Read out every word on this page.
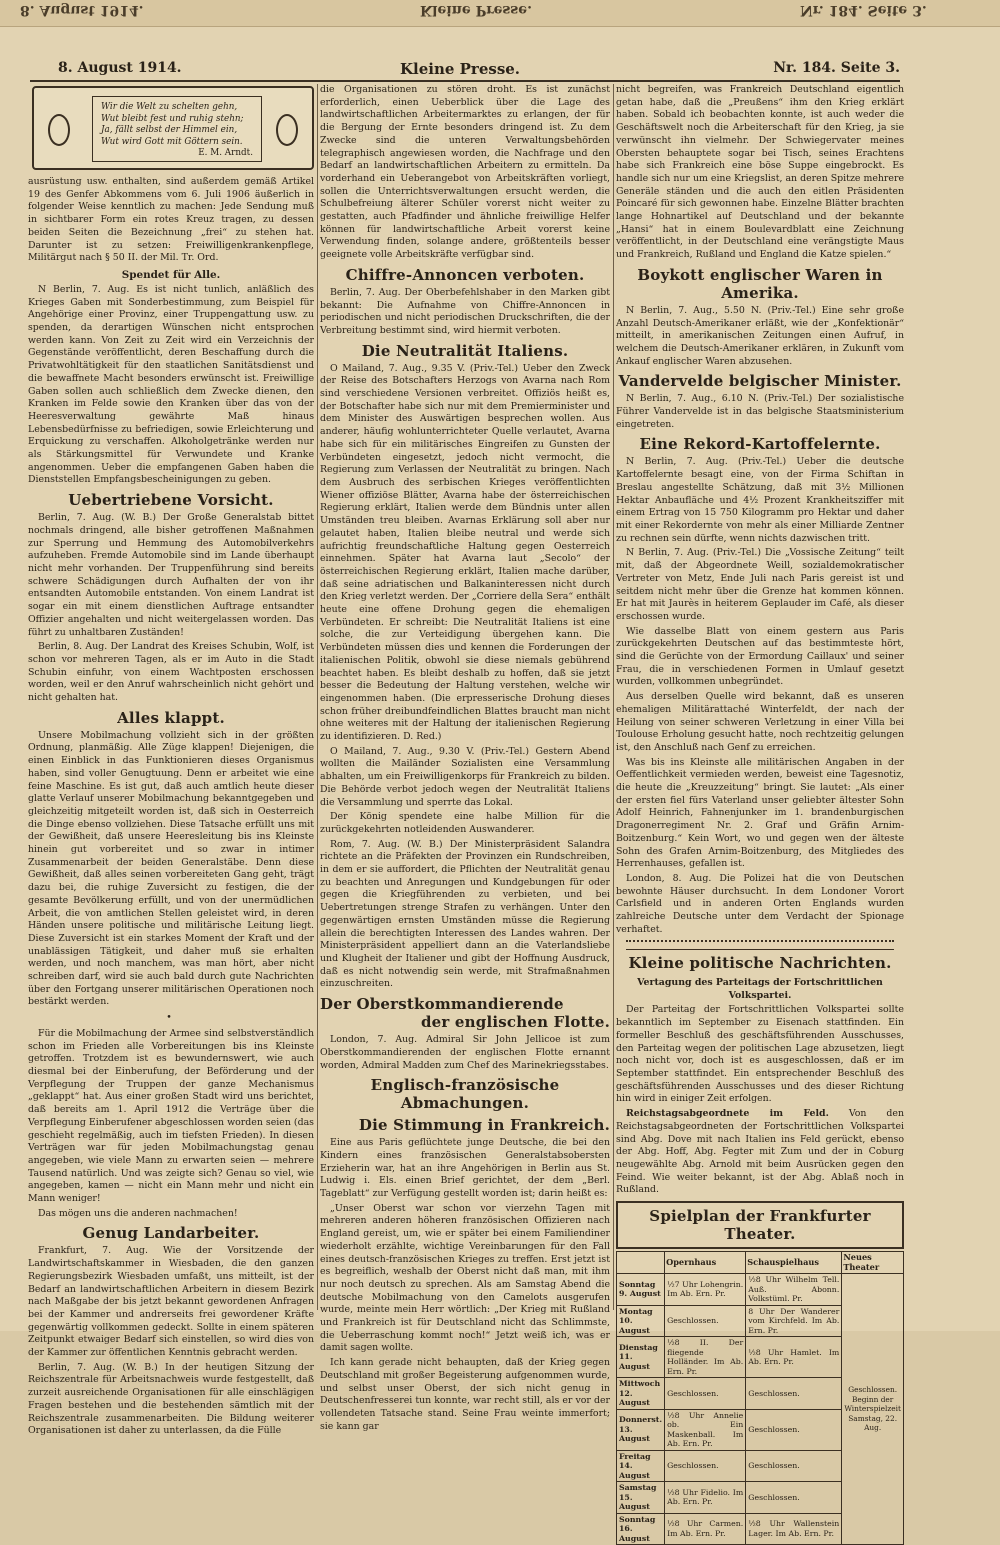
8. August 1914.	Kleine Presse.	Nr. 184. Seite 3.
8. August 1914.	Kleine Presse.	Nr. 184. Seite 3.
Wir die Welt zu schelten gehn,
Wut bleibt fest und ruhig stehn;
Ja, fällt selbst der Himmel ein,
Wut wird Gott mit Göttern sein.
E. M. Arndt.

ausrüstung usw. enthalten, sind außerdem gemäß Artikel 19 des Genfer Abkommens vom 6. Juli 1906 äußerlich in folgender Weise kenntlich zu machen: Jede Sendung muß in sichtbarer Form ein rotes Kreuz tragen, zu dessen beiden Seiten die Bezeichnung „frei“ zu stehen hat. Darunter ist zu setzen: Freiwilligenkrankenpflege, Militärgut nach § 50 II. der Mil. Tr. Ord.

Spendet für Alle.

N Berlin, 7. Aug. Es ist nicht tunlich, anläßlich des Krieges Gaben mit Sonderbestimmung, zum Beispiel für Angehörige einer Provinz, einer Truppengattung usw. zu spenden, da derartigen Wünschen nicht entsprochen werden kann. Von Zeit zu Zeit wird ein Verzeichnis der Gegenstände veröffentlicht, deren Beschaffung durch die Privatwohltätigkeit für den staatlichen Sanitätsdienst und die bewaffnete Macht besonders erwünscht ist. Freiwillige Gaben sollen auch schließlich dem Zwecke dienen, den Kranken im Felde sowie den Kranken über das von der Heeresverwaltung gewährte Maß hinaus Lebensbedürfnisse zu befriedigen, sowie Erleichterung und Erquickung zu verschaffen. Alkoholgetränke werden nur als Stärkungsmittel für Verwundete und Kranke angenommen. Ueber die empfangenen Gaben haben die Dienststellen Empfangsbescheinigungen zu geben.

Uebertriebene Vorsicht.

Berlin, 7. Aug. (W. B.) Der Große Generalstab bittet nochmals dringend, alle bisher getroffenen Maßnahmen zur Sperrung und Hemmung des Automobilverkehrs aufzuheben. Fremde Automobile sind im Lande überhaupt nicht mehr vorhanden. Der Truppenführung sind bereits schwere Schädigungen durch Aufhalten der von ihr entsandten Automobile entstanden. Von einem Landrat ist sogar ein mit einem dienstlichen Auftrage entsandter Offizier angehalten und nicht weitergelassen worden. Das führt zu unhaltbaren Zuständen!

Berlin, 8. Aug. Der Landrat des Kreises Schubin, Wolf, ist schon vor mehreren Tagen, als er im Auto in die Stadt Schubin einfuhr, von einem Wachtposten erschossen worden, weil er den Anruf wahrscheinlich nicht gehört und nicht gehalten hat.

Alles klappt.

Unsere Mobilmachung vollzieht sich in der größten Ordnung, planmäßig. Alle Züge klappen! Diejenigen, die einen Einblick in das Funktionieren dieses Organismus haben, sind voller Genugtuung. Denn er arbeitet wie eine feine Maschine. Es ist gut, daß auch amtlich heute dieser glatte Verlauf unserer Mobilmachung bekanntgegeben und gleichzeitig mitgeteilt worden ist, daß sich in Oesterreich die Dinge ebenso vollziehen. Diese Tatsache erfüllt uns mit der Gewißheit, daß unsere Heeresleitung bis ins Kleinste hinein gut vorbereitet und so zwar in intimer Zusammenarbeit der beiden Generalstäbe. Denn diese Gewißheit, daß alles seinen vorbereiteten Gang geht, trägt dazu bei, die ruhige Zuversicht zu festigen, die der gesamte Bevölkerung erfüllt, und von der unermüdlichen Arbeit, die von amtlichen Stellen geleistet wird, in deren Händen unsere politische und militärische Leitung liegt. Diese Zuversicht ist ein starkes Moment der Kraft und der unablässigen Tätigkeit, und daher muß sie erhalten werden, und noch manchem, was man hört, aber nicht schreiben darf, wird sie auch bald durch gute Nachrichten über den Fortgang unserer militärischen Operationen noch bestärkt werden.

•

Für die Mobilmachung der Armee sind selbstverständlich schon im Frieden alle Vorbereitungen bis ins Kleinste getroffen. Trotzdem ist es bewundernswert, wie auch diesmal bei der Einberufung, der Beförderung und der Verpflegung der Truppen der ganze Mechanismus „geklappt“ hat. Aus einer großen Stadt wird uns berichtet, daß bereits am 1. April 1912 die Verträge über die Verpflegung Einberufener abgeschlossen worden seien (das geschieht regelmäßig, auch im tiefsten Frieden). In diesen Verträgen war für jeden Mobilmachungstag genau angegeben, wie viele Mann zu erwarten seien — mehrere Tausend natürlich. Und was zeigte sich? Genau so viel, wie angegeben, kamen — nicht ein Mann mehr und nicht ein Mann weniger!

Das mögen uns die anderen nachmachen!

Genug Landarbeiter.

Frankfurt, 7. Aug. Wie der Vorsitzende der Landwirtschaftskammer in Wiesbaden, die den ganzen Regierungsbezirk Wiesbaden umfaßt, uns mitteilt, ist der Bedarf an landwirtschaftlichen Arbeitern in diesem Bezirk nach Maßgabe der bis jetzt bekannt gewordenen Anfragen bei der Kammer und andrerseits frei gewordener Kräfte gegenwärtig vollkommen gedeckt. Sollte in einem späteren Zeitpunkt etwaiger Bedarf sich einstellen, so wird dies von der Kammer zur öffentlichen Kenntnis gebracht werden.

Berlin, 7. Aug. (W. B.) In der heutigen Sitzung der Reichszentrale für Arbeitsnachweis wurde festgestellt, daß zurzeit ausreichende Organisationen für alle einschlägigen Fragen bestehen und die bestehenden sämtlich mit der Reichszentrale zusammenarbeiten. Die Bildung weiterer Organisationen ist daher zu unterlassen, da die Fülle

die Organisationen zu stören droht. Es ist zunächst erforderlich, einen Ueberblick über die Lage des landwirtschaftlichen Arbeitermarktes zu erlangen, der für die Bergung der Ernte besonders dringend ist. Zu dem Zwecke sind die unteren Verwaltungsbehörden telegraphisch angewiesen worden, die Nachfrage und den Bedarf an landwirtschaftlichen Arbeitern zu ermitteln. Da vorderhand ein Ueberangebot von Arbeitskräften vorliegt, sollen die Unterrichtsverwaltungen ersucht werden, die Schulbefreiung älterer Schüler vorerst nicht weiter zu gestatten, auch Pfadfinder und ähnliche freiwillige Helfer können für landwirtschaftliche Arbeit vorerst keine Verwendung finden, solange andere, größtenteils besser geeignete volle Arbeitskräfte verfügbar sind.

Chiffre-Annoncen verboten.

Berlin, 7. Aug. Der Oberbefehlshaber in den Marken gibt bekannt: Die Aufnahme von Chiffre-Annoncen in periodischen und nicht periodischen Druckschriften, die der Verbreitung bestimmt sind, wird hiermit verboten.

Die Neutralität Italiens.

O Mailand, 7. Aug., 9.35 V. (Priv.-Tel.) Ueber den Zweck der Reise des Botschafters Herzogs von Avarna nach Rom sind verschiedene Versionen verbreitet. Offiziös heißt es, der Botschafter habe sich nur mit dem Premierminister und dem Minister des Auswärtigen besprechen wollen. Aus anderer, häufig wohlunterrichteter Quelle verlautet, Avarna habe sich für ein militärisches Eingreifen zu Gunsten der Verbündeten eingesetzt, jedoch nicht vermocht, die Regierung zum Verlassen der Neutralität zu bringen. Nach dem Ausbruch des serbischen Krieges veröffentlichten Wiener offiziöse Blätter, Avarna habe der österreichischen Regierung erklärt, Italien werde dem Bündnis unter allen Umständen treu bleiben. Avarnas Erklärung soll aber nur gelautet haben, Italien bleibe neutral und werde sich aufrichtig freundschaftliche Haltung gegen Oesterreich einnehmen. Später hat Avarna laut „Secolo“ der österreichischen Regierung erklärt, Italien mache darüber, daß seine adriatischen und Balkaninteressen nicht durch den Krieg verletzt werden. Der „Corriere della Sera“ enthält heute eine offene Drohung gegen die ehemaligen Verbündeten. Er schreibt: Die Neutralität Italiens ist eine solche, die zur Verteidigung übergehen kann. Die Verbündeten müssen dies und kennen die Forderungen der italienischen Politik, obwohl sie diese niemals gebührend beachtet haben. Es bleibt deshalb zu hoffen, daß sie jetzt besser die Bedeutung der Haltung verstehen, welche wir eingenommen haben. (Die erpresserische Drohung dieses schon früher dreibundfeindlichen Blattes braucht man nicht ohne weiteres mit der Haltung der italienischen Regierung zu identifizieren. D. Red.)

O Mailand, 7. Aug., 9.30 V. (Priv.-Tel.) Gestern Abend wollten die Mailänder Sozialisten eine Versammlung abhalten, um ein Freiwilligenkorps für Frankreich zu bilden. Die Behörde verbot jedoch wegen der Neutralität Italiens die Versammlung und sperrte das Lokal.

Der König spendete eine halbe Million für die zurückgekehrten notleidenden Auswanderer.

Rom, 7. Aug. (W. B.) Der Ministerpräsident Salandra richtete an die Präfekten der Provinzen ein Rundschreiben, in dem er sie auffordert, die Pflichten der Neutralität genau zu beachten und Anregungen und Kundgebungen für oder gegen die Kriegführenden zu verbieten, und bei Uebertretungen strenge Strafen zu verhängen. Unter den gegenwärtigen ernsten Umständen müsse die Regierung allein die berechtigten Interessen des Landes wahren. Der Ministerpräsident appelliert dann an die Vaterlandsliebe und Klugheit der Italiener und gibt der Hoffnung Ausdruck, daß es nicht notwendig sein werde, mit Strafmaßnahmen einzuschreiten.

Der Oberstkommandierende
der englischen Flotte.

London, 7. Aug. Admiral Sir John Jellicoe ist zum Oberstkommandierenden der englischen Flotte ernannt worden, Admiral Madden zum Chef des Marinekriegsstabes.

Englisch-französische Abmachungen.
Die Stimmung in Frankreich.

Eine aus Paris geflüchtete junge Deutsche, die bei den Kindern eines französischen Generalstabsobersten Erzieherin war, hat an ihre Angehörigen in Berlin aus St. Ludwig i. Els. einen Brief gerichtet, der dem „Berl. Tageblatt“ zur Verfügung gestellt worden ist; darin heißt es:

„Unser Oberst war schon vor vierzehn Tagen mit mehreren anderen höheren französischen Offizieren nach England gereist, um, wie er später bei einem Familiendiner wiederholt erzählte, wichtige Vereinbarungen für den Fall eines deutsch-französischen Krieges zu treffen. Erst jetzt ist es begreiflich, weshalb der Oberst nicht daß man, mit ihm nur noch deutsch zu sprechen. Als am Samstag Abend die deutsche Mobilmachung von den Camelots ausgerufen wurde, meinte mein Herr wörtlich: „Der Krieg mit Rußland und Frankreich ist für Deutschland nicht das Schlimmste, die Ueberraschung kommt noch!“ Jetzt weiß ich, was er damit sagen wollte.

Ich kann gerade nicht behaupten, daß der Krieg gegen Deutschland mit großer Begeisterung aufgenommen wurde, und selbst unser Oberst, der sich nicht genug in Deutschenfresserei tun konnte, war recht still, als er vor der vollendeten Tatsache stand. Seine Frau weinte immerfort; sie kann gar

nicht begreifen, was Frankreich Deutschland eigentlich getan habe, daß die „Preußens“ ihm den Krieg erklärt haben. Sobald ich beobachten konnte, ist auch weder die Geschäftswelt noch die Arbeiterschaft für den Krieg, ja sie verwünscht ihn vielmehr. Der Schwiegervater meines Obersten behauptete sogar bei Tisch, seines Erachtens habe sich Frankreich eine böse Suppe eingebrockt. Es handle sich nur um eine Kriegslist, an deren Spitze mehrere Generäle ständen und die auch den eitlen Präsidenten Poincaré für sich gewonnen habe. Einzelne Blätter brachten lange Hohnartikel auf Deutschland und der bekannte „Hansi“ hat in einem Boulevardblatt eine Zeichnung veröffentlicht, in der Deutschland eine verängstigte Maus und Frankreich, Rußland und England die Katze spielen.“

Boykott englischer Waren in Amerika.

N Berlin, 7. Aug., 5.50 N. (Priv.-Tel.) Eine sehr große Anzahl Deutsch-Amerikaner erläßt, wie der „Konfektionär“ mitteilt, in amerikanischen Zeitungen einen Aufruf, in welchem die Deutsch-Amerikaner erklären, in Zukunft vom Ankauf englischer Waren abzusehen.

Vandervelde belgischer Minister.

N Berlin, 7. Aug., 6.10 N. (Priv.-Tel.) Der sozialistische Führer Vandervelde ist in das belgische Staatsministerium eingetreten.

Eine Rekord-Kartoffelernte.

N Berlin, 7. Aug. (Priv.-Tel.) Ueber die deutsche Kartoffelernte besagt eine, von der Firma Schiftan in Breslau angestellte Schätzung, daß mit 3½ Millionen Hektar Anbaufläche und 4½ Prozent Krankheitsziffer mit einem Ertrag von 15 750 Kilogramm pro Hektar und daher mit einer Rekordernte von mehr als einer Milliarde Zentner zu rechnen sein dürfte, wenn nichts dazwischen tritt.

N Berlin, 7. Aug. (Priv.-Tel.) Die „Vossische Zeitung“ teilt mit, daß der Abgeordnete Weill, sozialdemokratischer Vertreter von Metz, Ende Juli nach Paris gereist ist und seitdem nicht mehr über die Grenze hat kommen können. Er hat mit Jaurès in heiterem Geplauder im Café, als dieser erschossen wurde.

Wie dasselbe Blatt von einem gestern aus Paris zurückgekehrten Deutschen auf das bestimmteste hört, sind die Gerüchte von der Ermordung Caillaux' und seiner Frau, die in verschiedenen Formen in Umlauf gesetzt wurden, vollkommen unbegründet.

Aus derselben Quelle wird bekannt, daß es unseren ehemaligen Militärattaché Winterfeldt, der nach der Heilung von seiner schweren Verletzung in einer Villa bei Toulouse Erholung gesucht hatte, noch rechtzeitig gelungen ist, den Anschluß nach Genf zu erreichen.

Was bis ins Kleinste alle militärischen Angaben in der Oeffentlichkeit vermieden werden, beweist eine Tagesnotiz, die heute die „Kreuzzeitung“ bringt. Sie lautet: „Als einer der ersten fiel fürs Vaterland unser geliebter ältester Sohn Adolf Heinrich, Fahnenjunker im 1. brandenburgischen Dragonerregiment Nr. 2. Graf und Gräfin Arnim-Boitzenburg.“ Kein Wort, wo und gegen wen der älteste Sohn des Grafen Arnim-Boitzenburg, des Mitgliedes des Herrenhauses, gefallen ist.

London, 8. Aug. Die Polizei hat die von Deutschen bewohnte Häuser durchsucht. In dem Londoner Vorort Carlsfield und in anderen Orten Englands wurden zahlreiche Deutsche unter dem Verdacht der Spionage verhaftet.

Kleine politische Nachrichten.
Vertagung des Parteitags der Fortschrittlichen Volkspartei.

Der Parteitag der Fortschrittlichen Volkspartei sollte bekanntlich im September zu Eisenach stattfinden. Ein formeller Beschluß des geschäftsführenden Ausschusses, den Parteitag wegen der politischen Lage abzusetzen, liegt noch nicht vor, doch ist es ausgeschlossen, daß er im September stattfindet. Ein entsprechender Beschluß des geschäftsführenden Ausschusses und des dieser Richtung hin wird in einiger Zeit erfolgen.

Reichstagsabgeordnete im Feld. Von den Reichstagsabgeordneten der Fortschrittlichen Volkspartei sind Abg. Dove mit nach Italien ins Feld gerückt, ebenso der Abg. Hoff, Abg. Fegter mit Zum und der in Coburg neugewählte Abg. Arnold mit beim Ausrücken gegen den Feind. Wie weiter bekannt, ist der Abg. Ablaß noch in Rußland.

Spielplan der Frankfurter Theater.
	Opernhaus	Schauspielhaus	Neues Theater
Sonntag 9. August	½7 Uhr Lohengrin. Im Ab. Ern. Pr.	½8 Uhr Wilhelm Tell. Auß. Abonn. Volkstüml. Pr.	Geschlossen. Beginn der Winterspielzeit Samstag, 22. Aug.
Montag 10. August	Geschlossen.	8 Uhr Der Wanderer vom Kirchfeld. Im Ab. Ern. Pr.	
Dienstag 11. August	½8 II. Der fliegende Holländer. Im Ab. Ern. Pr.	½8 Uhr Hamlet. Im Ab. Ern. Pr.	
Mittwoch 12. August	Geschlossen.	Geschlossen.	
Donnerst. 13. August	½8 Uhr Annelie ob. Ein Maskenball. Im Ab. Ern. Pr.	Geschlossen.	
Freitag 14. August	Geschlossen.	Geschlossen.	
Samstag 15. August	½8 Uhr Fidelio. Im Ab. Ern. Pr.	Geschlossen.	
Sonntag 16. August	½8 Uhr Carmen. Im Ab. Ern. Pr.	½8 Uhr Wallenstein Lager. Im Ab. Ern. Pr.	
